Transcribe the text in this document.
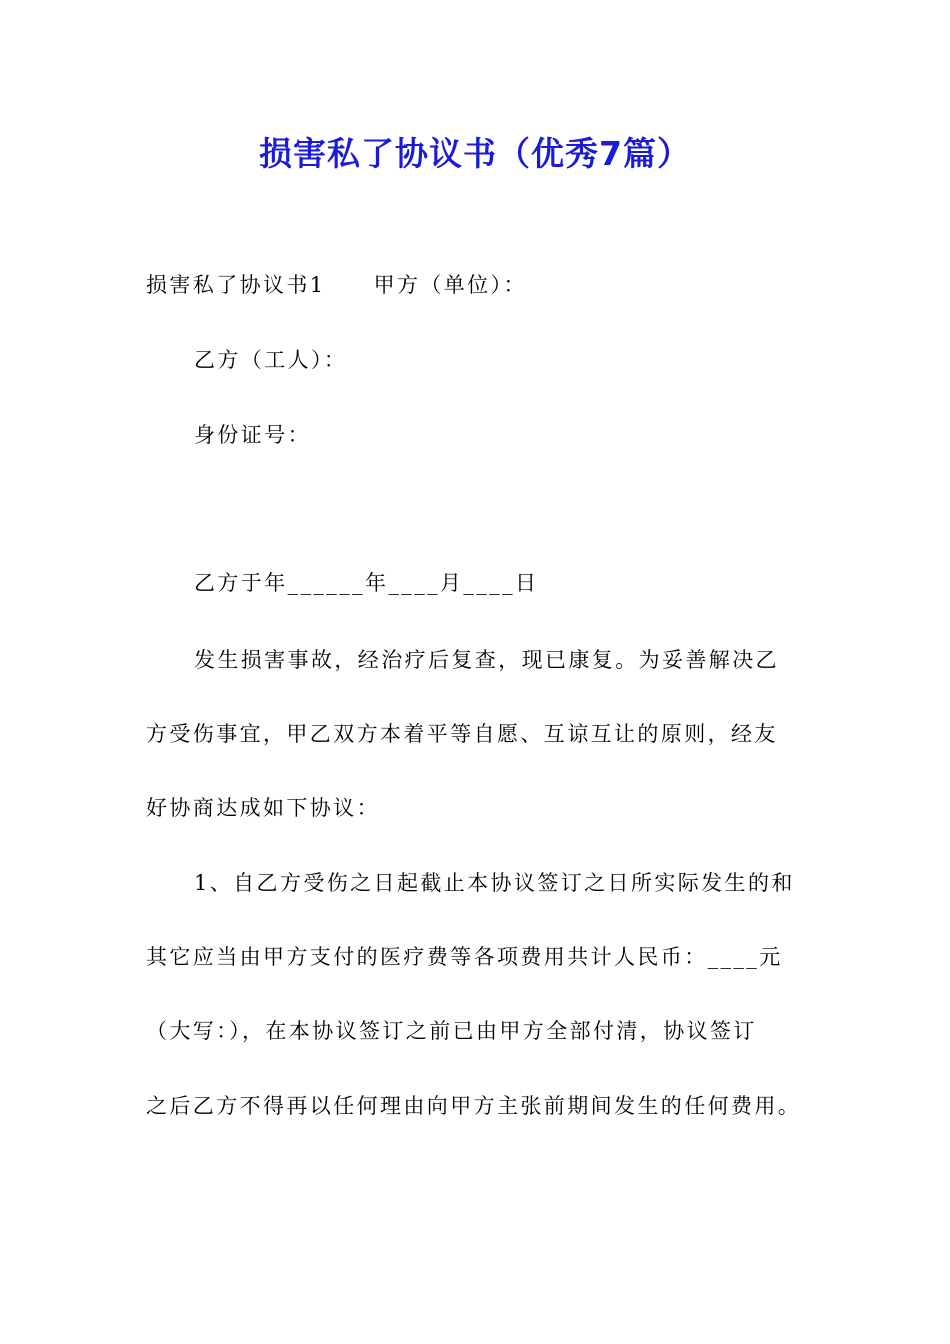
损害私了协议书（优秀7篇）
损害私了协议书1 甲方（单位）：
乙方（工人）：
身份证号：
乙方于年______年____月____日
发生损害事故，经治疗后复查，现已康复。为妥善解决乙
方受伤事宜，甲乙双方本着平等自愿、互谅互让的原则，经友
好协商达成如下协议：
1、自乙方受伤之日起截止本协议签订之日所实际发生的和
其它应当由甲方支付的医疗费等各项费用共计人民币：____元
（大写：），在本协议签订之前已由甲方全部付清，协议签订
之后乙方不得再以任何理由向甲方主张前期间发生的任何费用。
